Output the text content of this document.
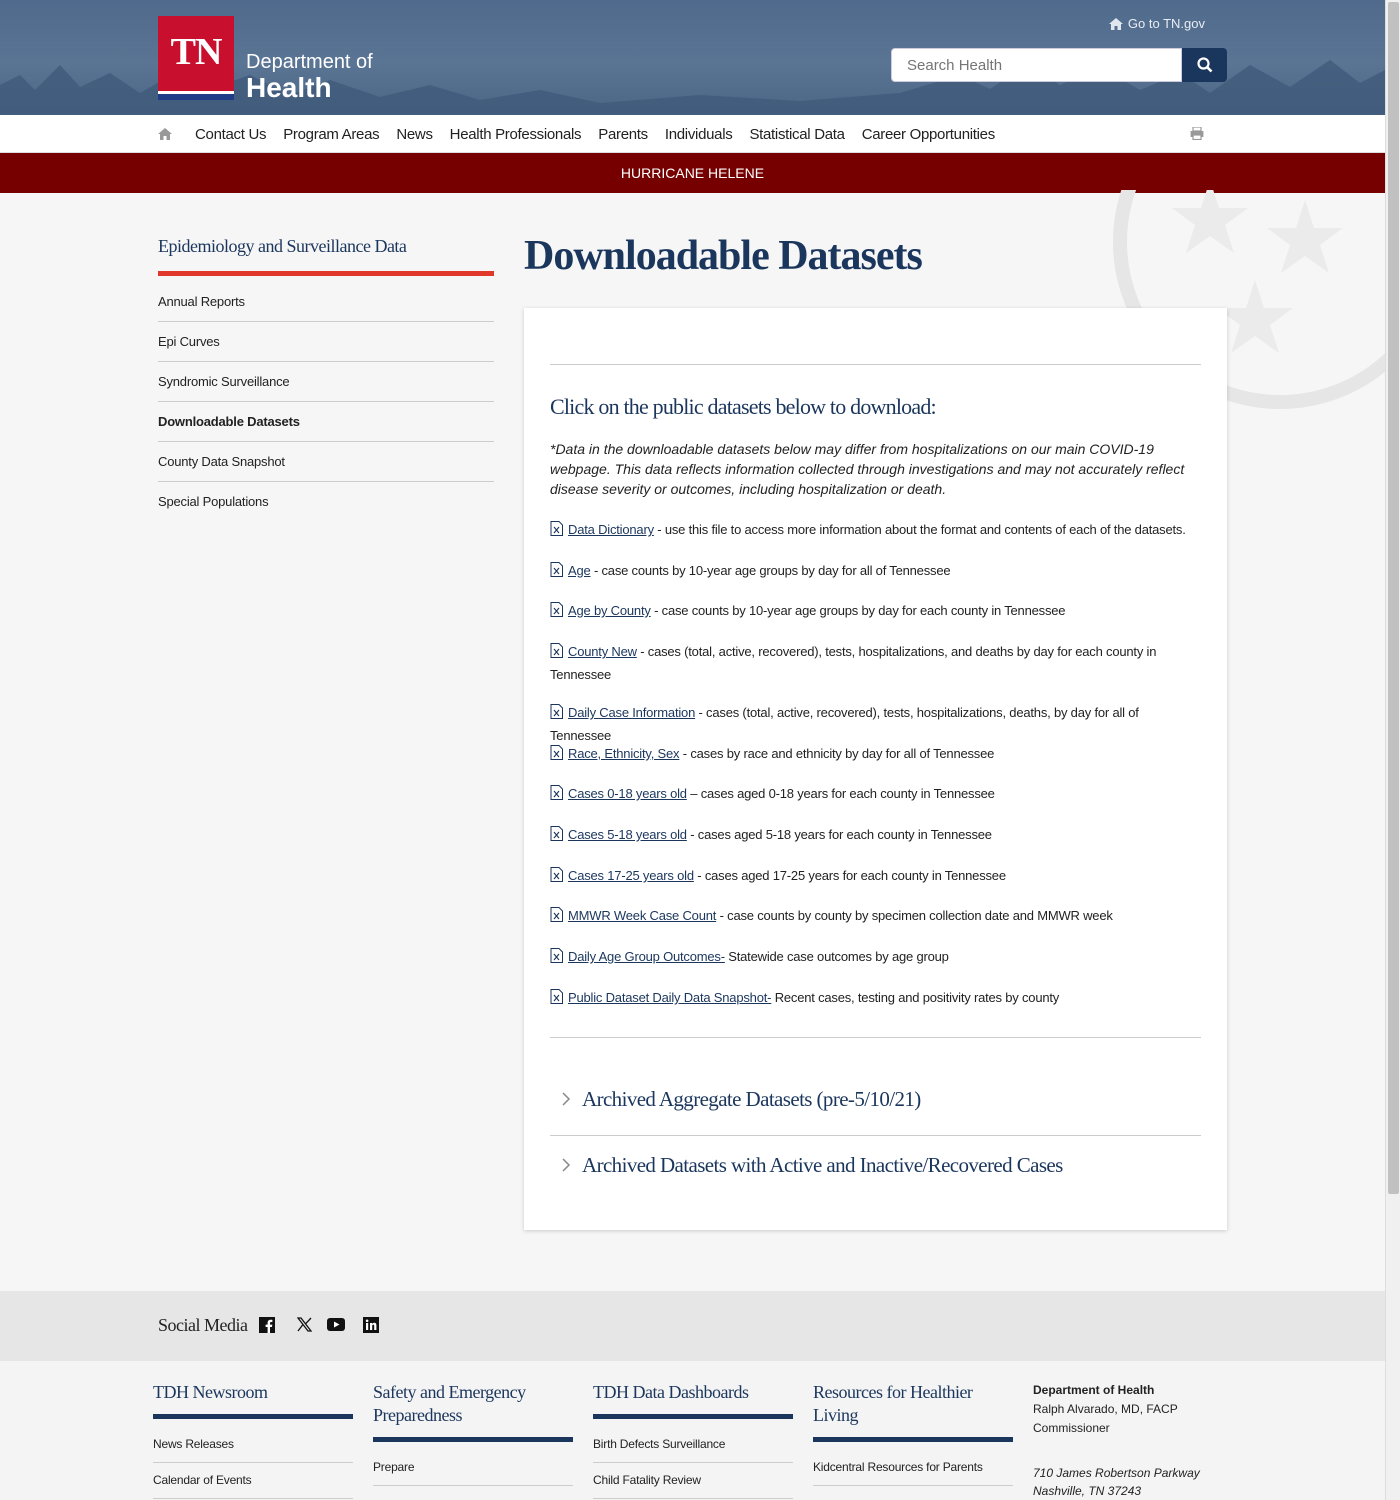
TN	Department of
Health
Go to TN.gov
Search Health
Contact Us Program Areas News Health Professionals Parents Individuals Statistical Data Career Opportunities
HURRICANE HELENE
Epidemiology and Surveillance Data
Annual Reports
Epi Curves
Syndromic Surveillance
Downloadable Datasets
County Data Snapshot
Special Populations
Downloadable Datasets
Click on the public datasets below to download:

*Data in the downloadable datasets below may differ from hospitalizations on our main COVID-19 webpage. This data reflects information collected through investigations and may not accurately reflect disease severity or outcomes, including hospitalization or death.

Archived Aggregate Datasets (pre-5/10/21)
Archived Datasets with Active and Inactive/Recovered Cases
Data Dictionary - use this file to access more information about the format and contents of each of the datasets.
Age - case counts by 10-year age groups by day for all of Tennessee
Age by County - case counts by 10-year age groups by day for each county in Tennessee
County New - cases (total, active, recovered), tests, hospitalizations, and deaths by day for each county in Tennessee
Daily Case Information - cases (total, active, recovered), tests, hospitalizations, deaths, by day for all of Tennessee
Race, Ethnicity, Sex - cases by race and ethnicity by day for all of Tennessee
Cases 0-18 years old – cases aged 0-18 years for each county in Tennessee
Cases 5-18 years old - cases aged 5-18 years for each county in Tennessee
Cases 17-25 years old - cases aged 17-25 years for each county in Tennessee
MMWR Week Case Count - case counts by county by specimen collection date and MMWR week
Daily Age Group Outcomes- Statewide case outcomes by age group
Public Dataset Daily Data Snapshot- Recent cases, testing and positivity rates by county
Social Media
TDH Newsroom
News Releases
Calendar of Events
Safety and Emergency Preparedness
Prepare
TDH Data Dashboards
Birth Defects Surveillance
Child Fatality Review
Resources for Healthier Living
Kidcentral Resources for Parents
Department of Health
Ralph Alvarado, MD, FACP
Commissioner
710 James Robertson Parkway
Nashville, TN 37243
